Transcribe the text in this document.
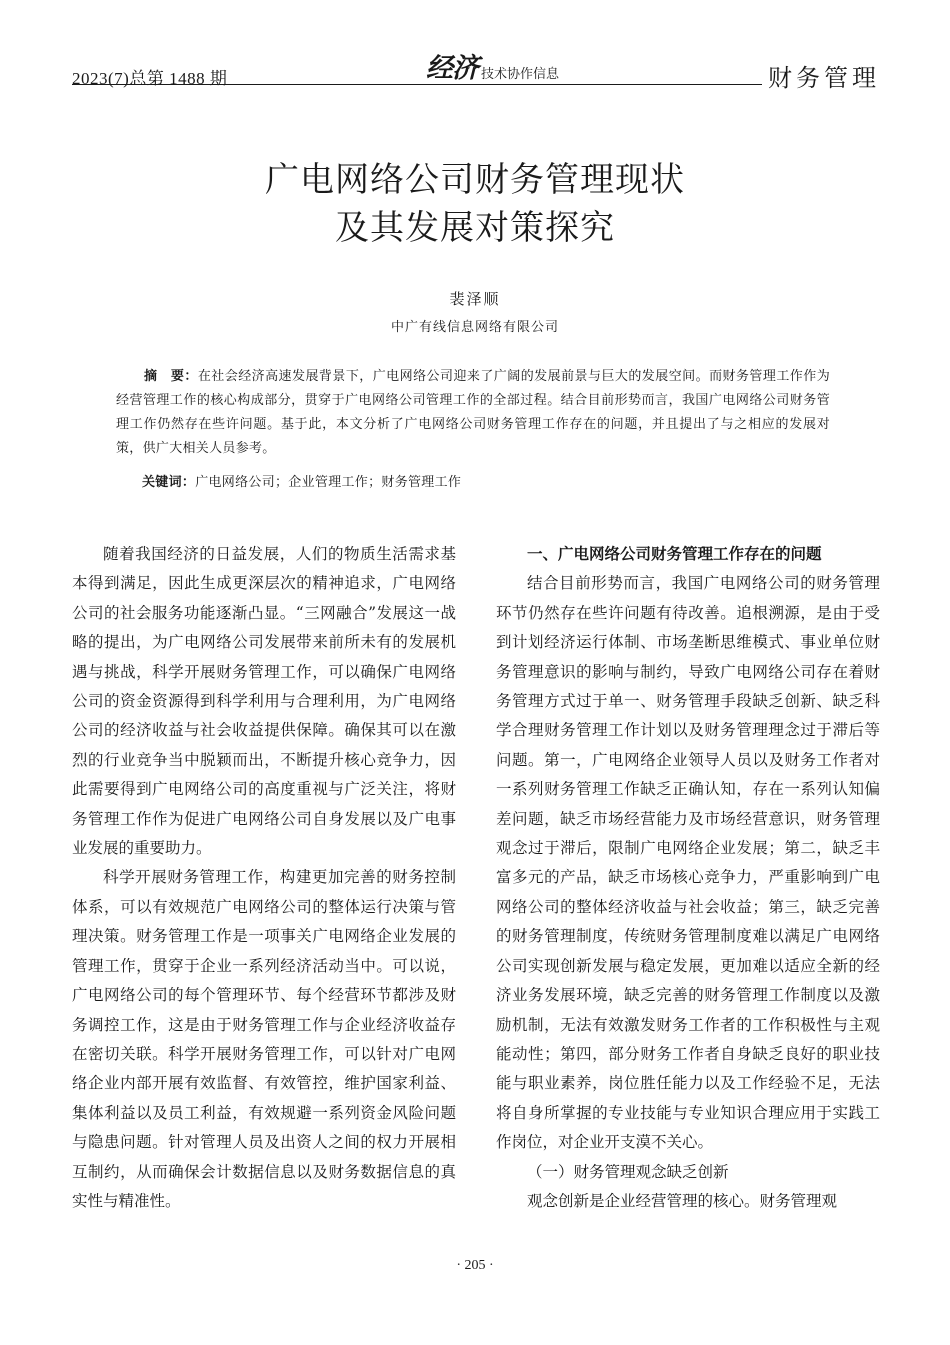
2023(7)总第 1488 期	经济 技术协作信息	财务管理
广电网络公司财务管理现状
及其发展对策探究
裴泽顺
中广有线信息网络有限公司
摘　要：在社会经济高速发展背景下，广电网络公司迎来了广阔的发展前景与巨大的发展空间。而财务管理工作作为经营管理工作的核心构成部分，贯穿于广电网络公司管理工作的全部过程。结合目前形势而言，我国广电网络公司财务管理工作仍然存在些许问题。基于此，本文分析了广电网络公司财务管理工作存在的问题，并且提出了与之相应的发展对策，供广大相关人员参考。
关键词：广电网络公司；企业管理工作；财务管理工作

随着我国经济的日益发展，人们的物质生活需求基本得到满足，因此生成更深层次的精神追求，广电网络公司的社会服务功能逐渐凸显。“三网融合”发展这一战略的提出，为广电网络公司发展带来前所未有的发展机遇与挑战，科学开展财务管理工作，可以确保广电网络公司的资金资源得到科学利用与合理利用，为广电网络公司的经济收益与社会收益提供保障。确保其可以在激烈的行业竞争当中脱颖而出，不断提升核心竞争力，因此需要得到广电网络公司的高度重视与广泛关注，将财务管理工作作为促进广电网络公司自身发展以及广电事业发展的重要助力。

科学开展财务管理工作，构建更加完善的财务控制体系，可以有效规范广电网络公司的整体运行决策与管理决策。财务管理工作是一项事关广电网络企业发展的管理工作，贯穿于企业一系列经济活动当中。可以说，广电网络公司的每个管理环节、每个经营环节都涉及财务调控工作，这是由于财务管理工作与企业经济收益存在密切关联。科学开展财务管理工作，可以针对广电网络企业内部开展有效监督、有效管控，维护国家利益、集体利益以及员工利益，有效规避一系列资金风险问题与隐患问题。针对管理人员及出资人之间的权力开展相互制约，从而确保会计数据信息以及财务数据信息的真实性与精准性。

一、广电网络公司财务管理工作存在的问题

结合目前形势而言，我国广电网络公司的财务管理环节仍然存在些许问题有待改善。追根溯源，是由于受到计划经济运行体制、市场垄断思维模式、事业单位财务管理意识的影响与制约，导致广电网络公司存在着财务管理方式过于单一、财务管理手段缺乏创新、缺乏科学合理财务管理工作计划以及财务管理理念过于滞后等问题。第一，广电网络企业领导人员以及财务工作者对一系列财务管理工作缺乏正确认知，存在一系列认知偏差问题，缺乏市场经营能力及市场经营意识，财务管理观念过于滞后，限制广电网络企业发展；第二，缺乏丰富多元的产品，缺乏市场核心竞争力，严重影响到广电网络公司的整体经济收益与社会收益；第三，缺乏完善的财务管理制度，传统财务管理制度难以满足广电网络公司实现创新发展与稳定发展，更加难以适应全新的经济业务发展环境，缺乏完善的财务管理工作制度以及激励机制，无法有效激发财务工作者的工作积极性与主观能动性；第四，部分财务工作者自身缺乏良好的职业技能与职业素养，岗位胜任能力以及工作经验不足，无法将自身所掌握的专业技能与专业知识合理应用于实践工作岗位，对企业开支漠不关心。

（一）财务管理观念缺乏创新

观念创新是企业经营管理的核心。财务管理观

· 205 ·
